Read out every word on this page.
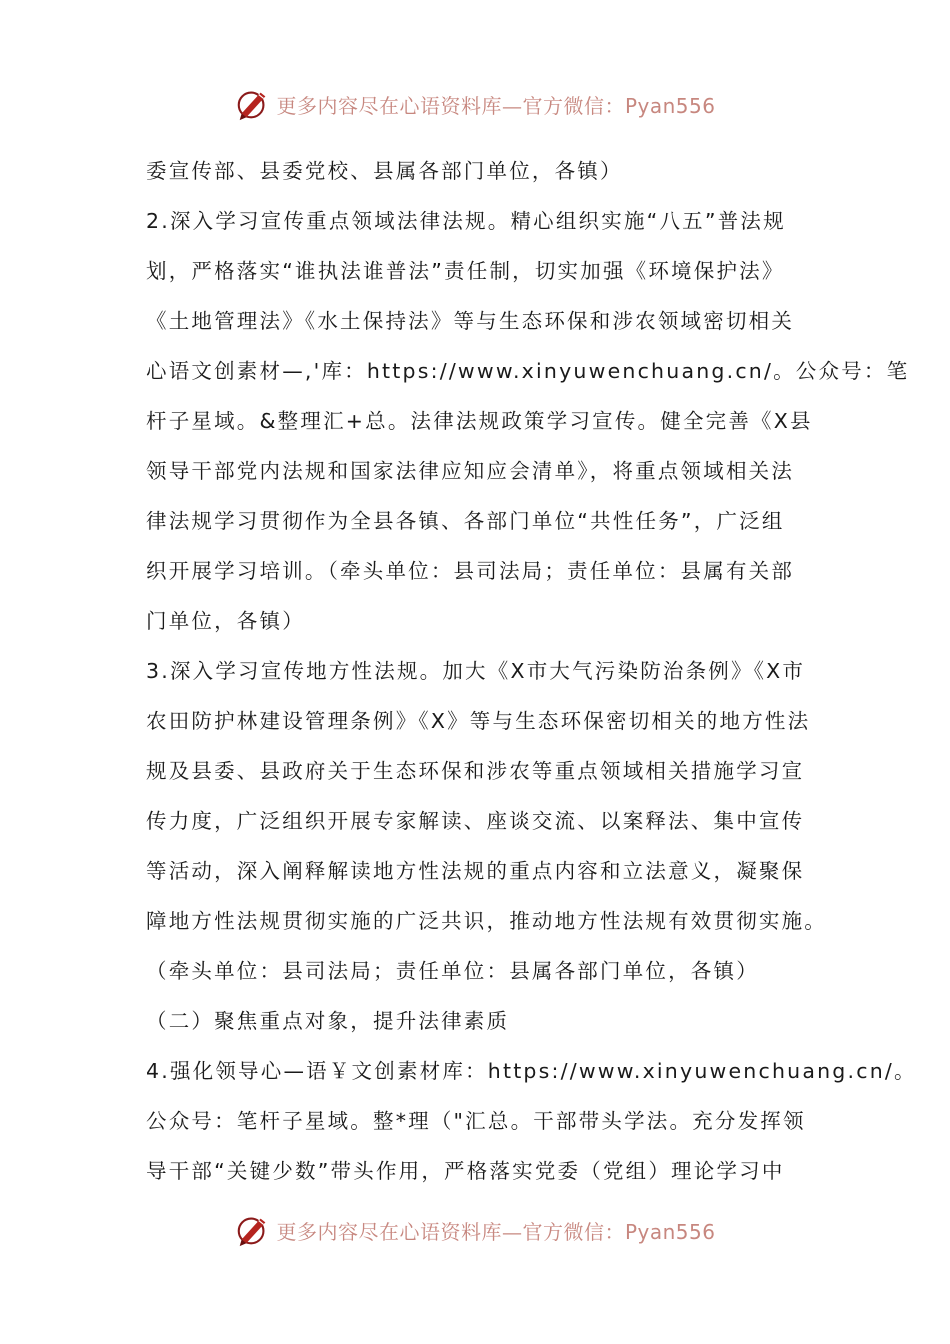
更多内容尽在心语资料库—官方微信：Pyan556
委宣传部、县委党校、县属各部门单位，各镇）
2.深入学习宣传重点领域法律法规。精心组织实施“八五”普法规
划，严格落实“谁执法谁普法”责任制，切实加强《环境保护法》
《土地管理法》《水土保持法》等与生态环保和涉农领域密切相关
心语文创素材—,'库：https://www.xinyuwenchuang.cn/。公众号：笔
杆子星域。&整理汇+总。法律法规政策学习宣传。健全完善《X县
领导干部党内法规和国家法律应知应会清单》，将重点领域相关法
律法规学习贯彻作为全县各镇、各部门单位“共性任务”，广泛组
织开展学习培训。（牵头单位：县司法局；责任单位：县属有关部
门单位，各镇）
3.深入学习宣传地方性法规。加大《X市大气污染防治条例》《X市
农田防护林建设管理条例》《X》等与生态环保密切相关的地方性法
规及县委、县政府关于生态环保和涉农等重点领域相关措施学习宣
传力度，广泛组织开展专家解读、座谈交流、以案释法、集中宣传
等活动，深入阐释解读地方性法规的重点内容和立法意义，凝聚保
障地方性法规贯彻实施的广泛共识，推动地方性法规有效贯彻实施。
（牵头单位：县司法局；责任单位：县属各部门单位，各镇）
（二）聚焦重点对象，提升法律素质
4.强化领导心—语￥文创素材库：https://www.xinyuwenchuang.cn/。
公众号：笔杆子星域。整*理（"汇总。干部带头学法。充分发挥领
导干部“关键少数”带头作用，严格落实党委（党组）理论学习中
更多内容尽在心语资料库—官方微信：Pyan556
